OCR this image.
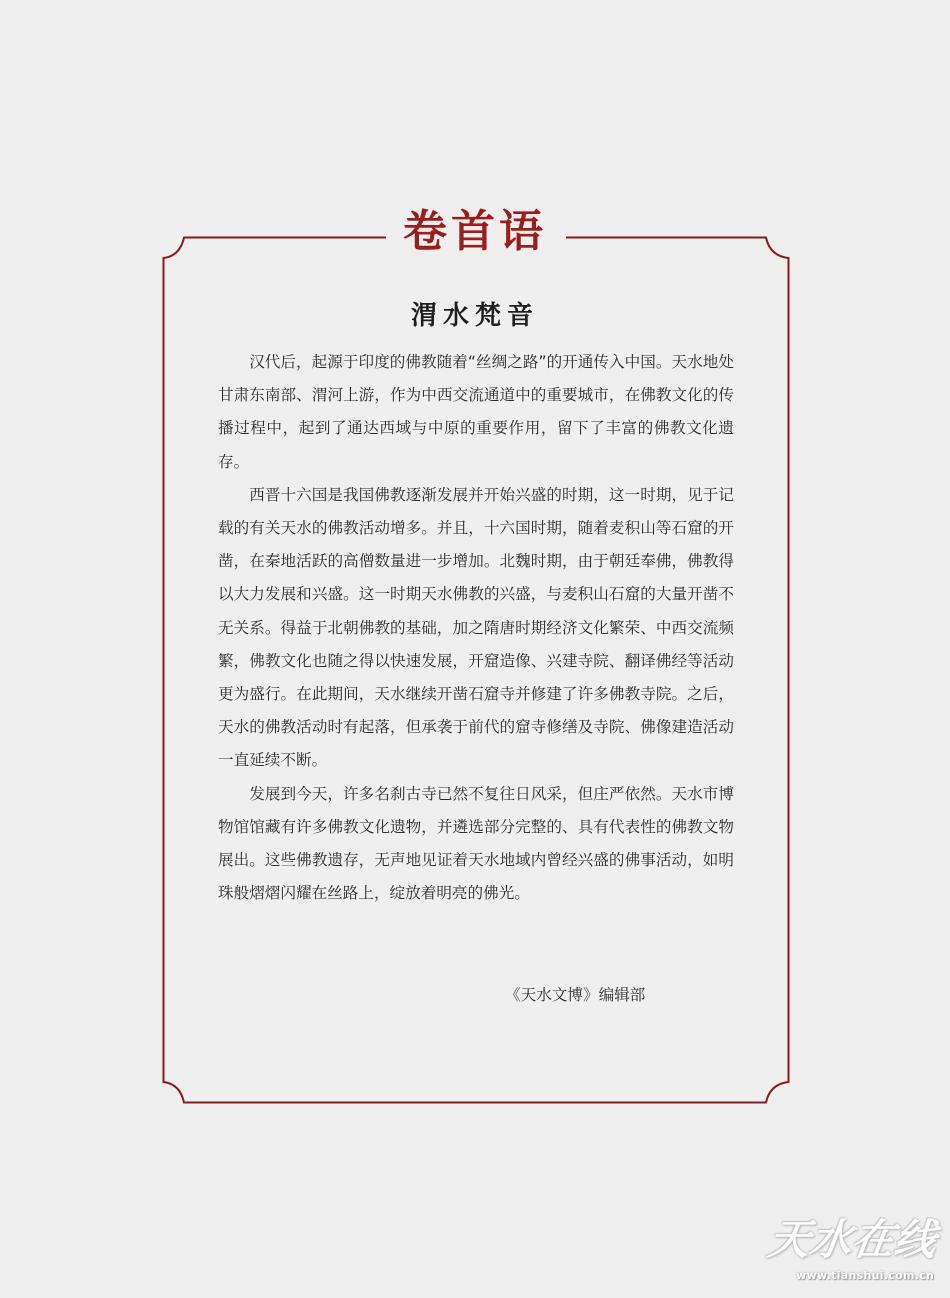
卷首语
渭水梵音

汉代后，起源于印度的佛教随着“丝绸之路”的开通传入中国。天水地处甘肃东南部、渭河上游，作为中西交流通道中的重要城市，在佛教文化的传播过程中，起到了通达西域与中原的重要作用，留下了丰富的佛教文化遗存。

西晋十六国是我国佛教逐渐发展并开始兴盛的时期，这一时期，见于记载的有关天水的佛教活动增多。并且，十六国时期，随着麦积山等石窟的开凿，在秦地活跃的高僧数量进一步增加。北魏时期，由于朝廷奉佛，佛教得以大力发展和兴盛。这一时期天水佛教的兴盛，与麦积山石窟的大量开凿不无关系。得益于北朝佛教的基础，加之隋唐时期经济文化繁荣、中西交流频繁，佛教文化也随之得以快速发展，开窟造像、兴建寺院、翻译佛经等活动更为盛行。在此期间，天水继续开凿石窟寺并修建了许多佛教寺院。之后，天水的佛教活动时有起落，但承袭于前代的窟寺修缮及寺院、佛像建造活动一直延续不断。

发展到今天，许多名刹古寺已然不复往日风采，但庄严依然。天水市博物馆馆藏有许多佛教文化遗物，并遴选部分完整的、具有代表性的佛教文物展出。这些佛教遗存，无声地见证着天水地域内曾经兴盛的佛事活动，如明珠般熠熠闪耀在丝路上，绽放着明亮的佛光。

《天水文博》编辑部
天水在线
www.tianshui.com.cn
